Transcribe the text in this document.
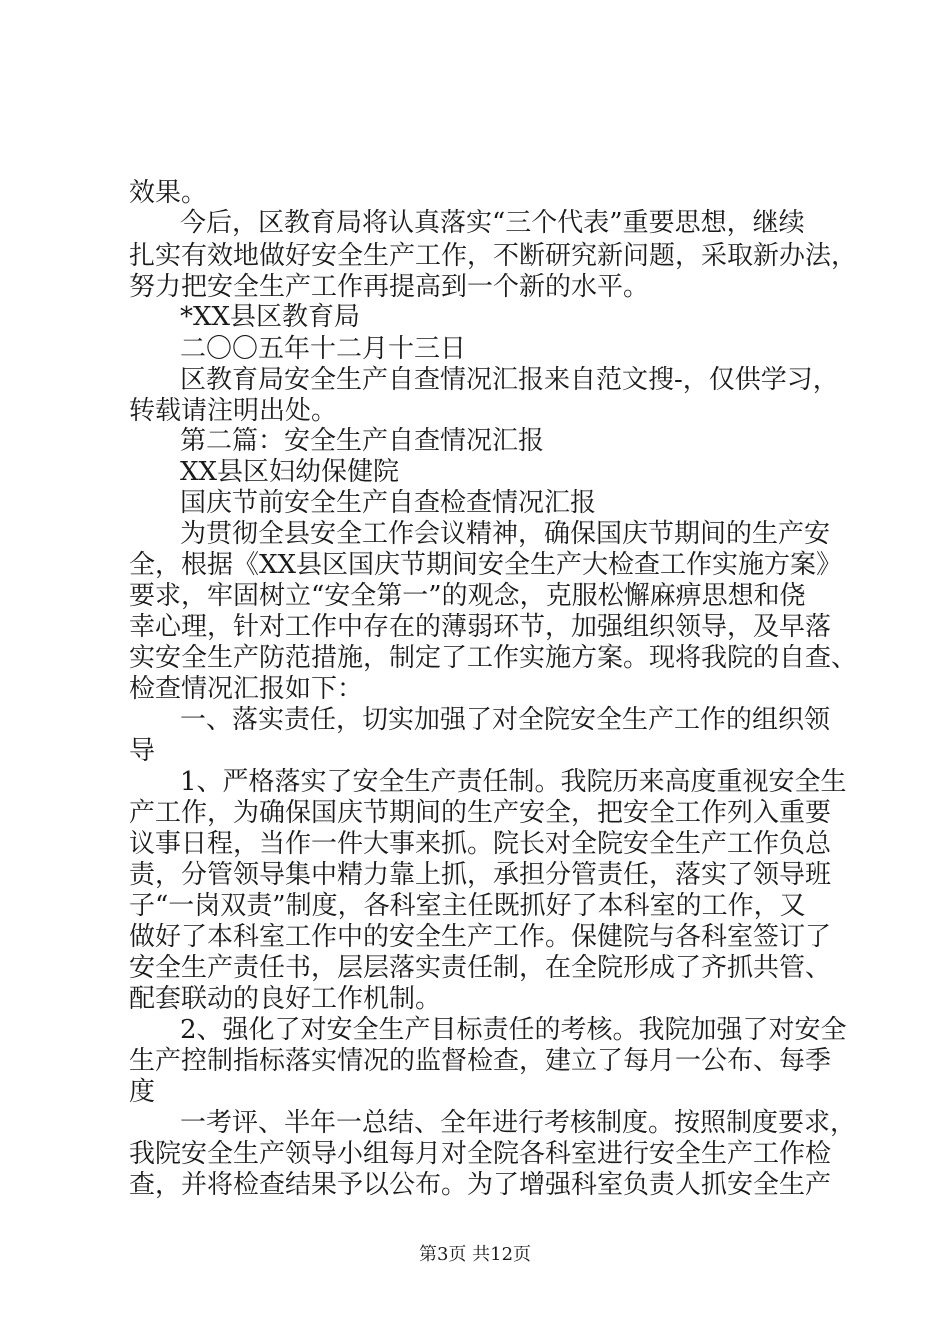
效果。
今后，区教育局将认真落实“三个代表”重要思想，继续
扎实有效地做好安全生产工作，不断研究新问题，采取新办法，
努力把安全生产工作再提高到一个新的水平。
*XX县区教育局
二〇〇五年十二月十三日
区教育局安全生产自查情况汇报来自范文搜-，仅供学习，
转载请注明出处。
第二篇：安全生产自查情况汇报
XX县区妇幼保健院
国庆节前安全生产自查检查情况汇报
为贯彻全县安全工作会议精神，确保国庆节期间的生产安
全，根据《XX县区国庆节期间安全生产大检查工作实施方案》
要求，牢固树立“安全第一”的观念，克服松懈麻痹思想和侥
幸心理，针对工作中存在的薄弱环节，加强组织领导，及早落
实安全生产防范措施，制定了工作实施方案。现将我院的自查、
检查情况汇报如下：
一、落实责任，切实加强了对全院安全生产工作的组织领
导
1、严格落实了安全生产责任制。我院历来高度重视安全生
产工作，为确保国庆节期间的生产安全，把安全工作列入重要
议事日程，当作一件大事来抓。院长对全院安全生产工作负总
责，分管领导集中精力靠上抓，承担分管责任，落实了领导班
子“一岗双责”制度，各科室主任既抓好了本科室的工作，又
做好了本科室工作中的安全生产工作。保健院与各科室签订了
安全生产责任书，层层落实责任制，在全院形成了齐抓共管、
配套联动的良好工作机制。
2、强化了对安全生产目标责任的考核。我院加强了对安全
生产控制指标落实情况的监督检查，建立了每月一公布、每季
度
一考评、半年一总结、全年进行考核制度。按照制度要求，
我院安全生产领导小组每月对全院各科室进行安全生产工作检
查，并将检查结果予以公布。为了增强科室负责人抓安全生产
第3页 共12页
